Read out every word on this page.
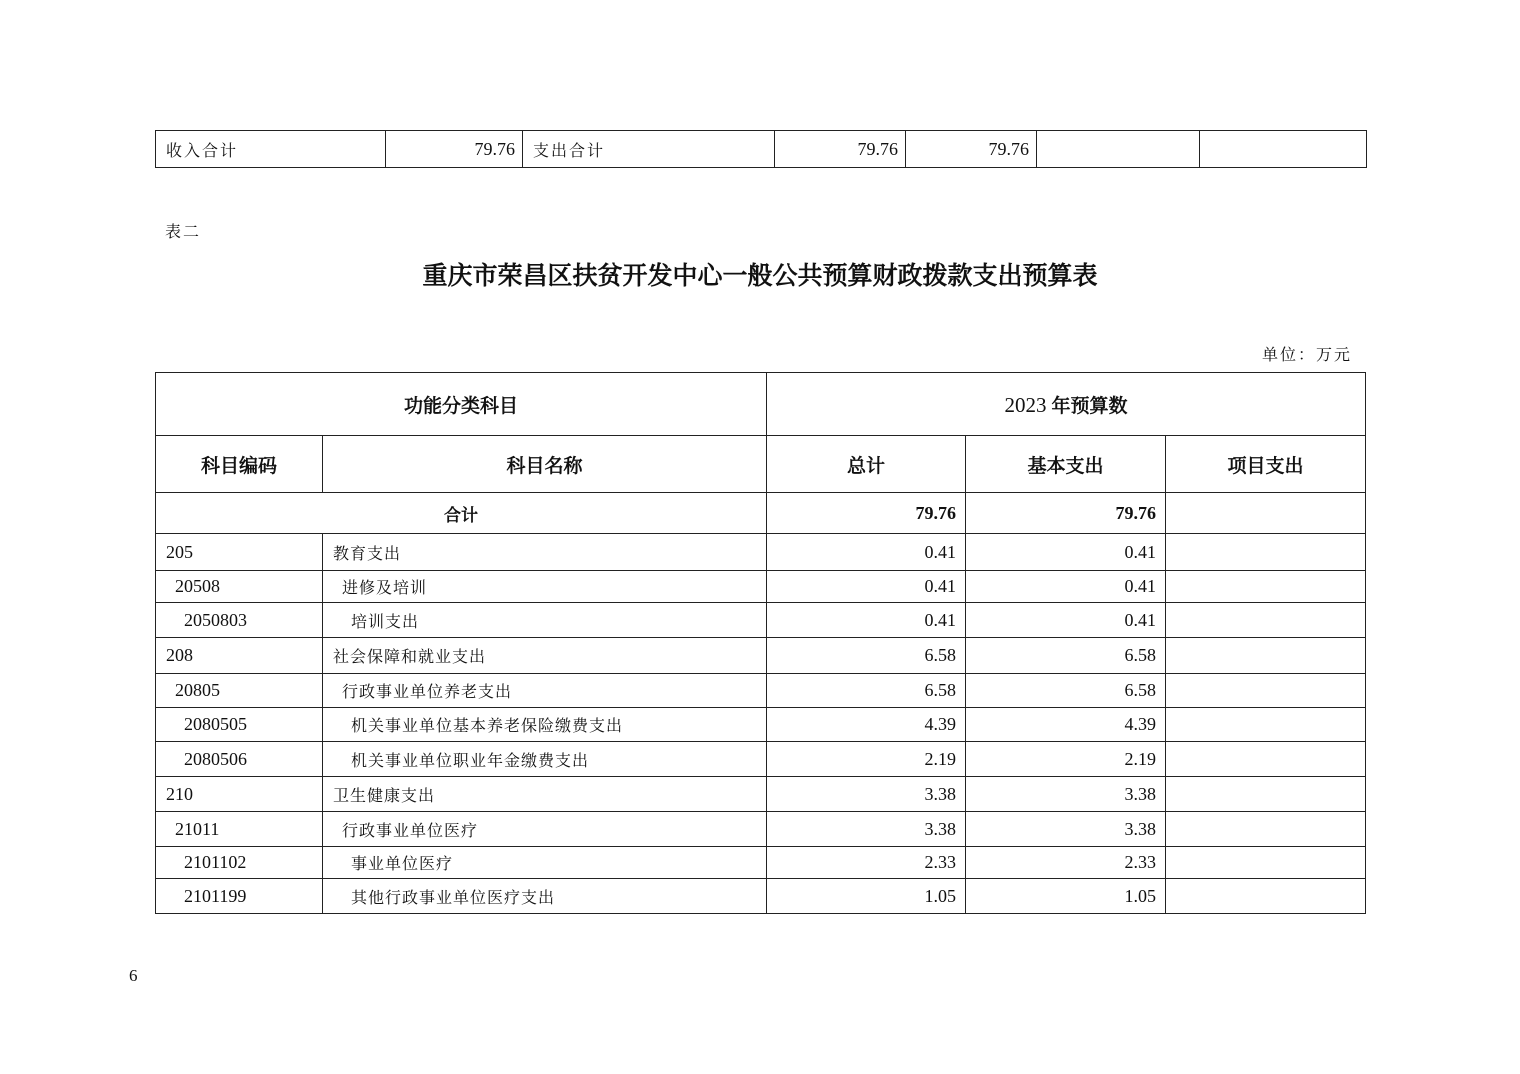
收入合计	79.76	支出合计	79.76	79.76		
表二
重庆市荣昌区扶贫开发中心一般公共预算财政拨款支出预算表
单位：万元
功能分类科目		2023 年预算数		
科目编码	科目名称	总计	基本支出	项目支出
合计		79.76	79.76	
205	教育支出	0.41	0.41	
20508	进修及培训	0.41	0.41	
2050803	培训支出	0.41	0.41	
208	社会保障和就业支出	6.58	6.58	
20805	行政事业单位养老支出	6.58	6.58	
2080505	机关事业单位基本养老保险缴费支出	4.39	4.39	
2080506	机关事业单位职业年金缴费支出	2.19	2.19	
210	卫生健康支出	3.38	3.38	
21011	行政事业单位医疗	3.38	3.38	
2101102	事业单位医疗	2.33	2.33	
2101199	其他行政事业单位医疗支出	1.05	1.05	
6
